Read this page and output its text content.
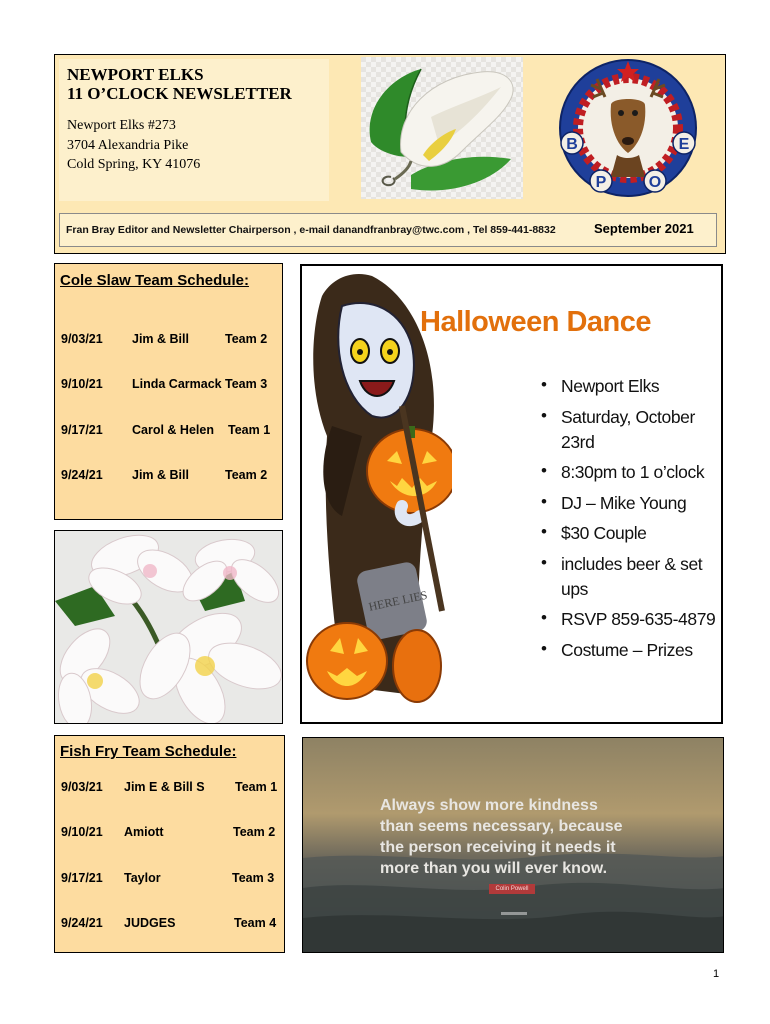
NEWPORT ELKS
11 O’CLOCK NEWSLETTER
Newport Elks #273
3704 Alexandria Pike
Cold Spring, KY 41076
B
P	O
E
Fran Bray Editor and Newsletter Chairperson , e-mail danandfranbray@twc.com , Tel 859-441-8832	September 2021
Cole Slaw Team Schedule:
9/03/21 Jim & Bill	Team 2
9/10/21 Linda Carmack Team 3
9/17/21 Carol & Helen Team 1
9/24/21 Jim & Bill	Team 2
HERE LIES
Halloween Dance
• Newport Elks
• Saturday, October
23rd
• 8:30pm to 1 o’clock
• DJ – Mike Young
• $30 Couple
• includes beer & set
ups
• RSVP 859-635-4879
• Costume – Prizes
Fish Fry Team Schedule:
9/03/21 Jim E & Bill S Team 1
9/10/21 Amiott	Team 2
9/17/21 Taylor	Team 3
9/24/21 JUDGES	Team 4
Always show more kindness
than seems necessary, because
the person receiving it needs it
more than you will ever know.
Colin Powell
1
